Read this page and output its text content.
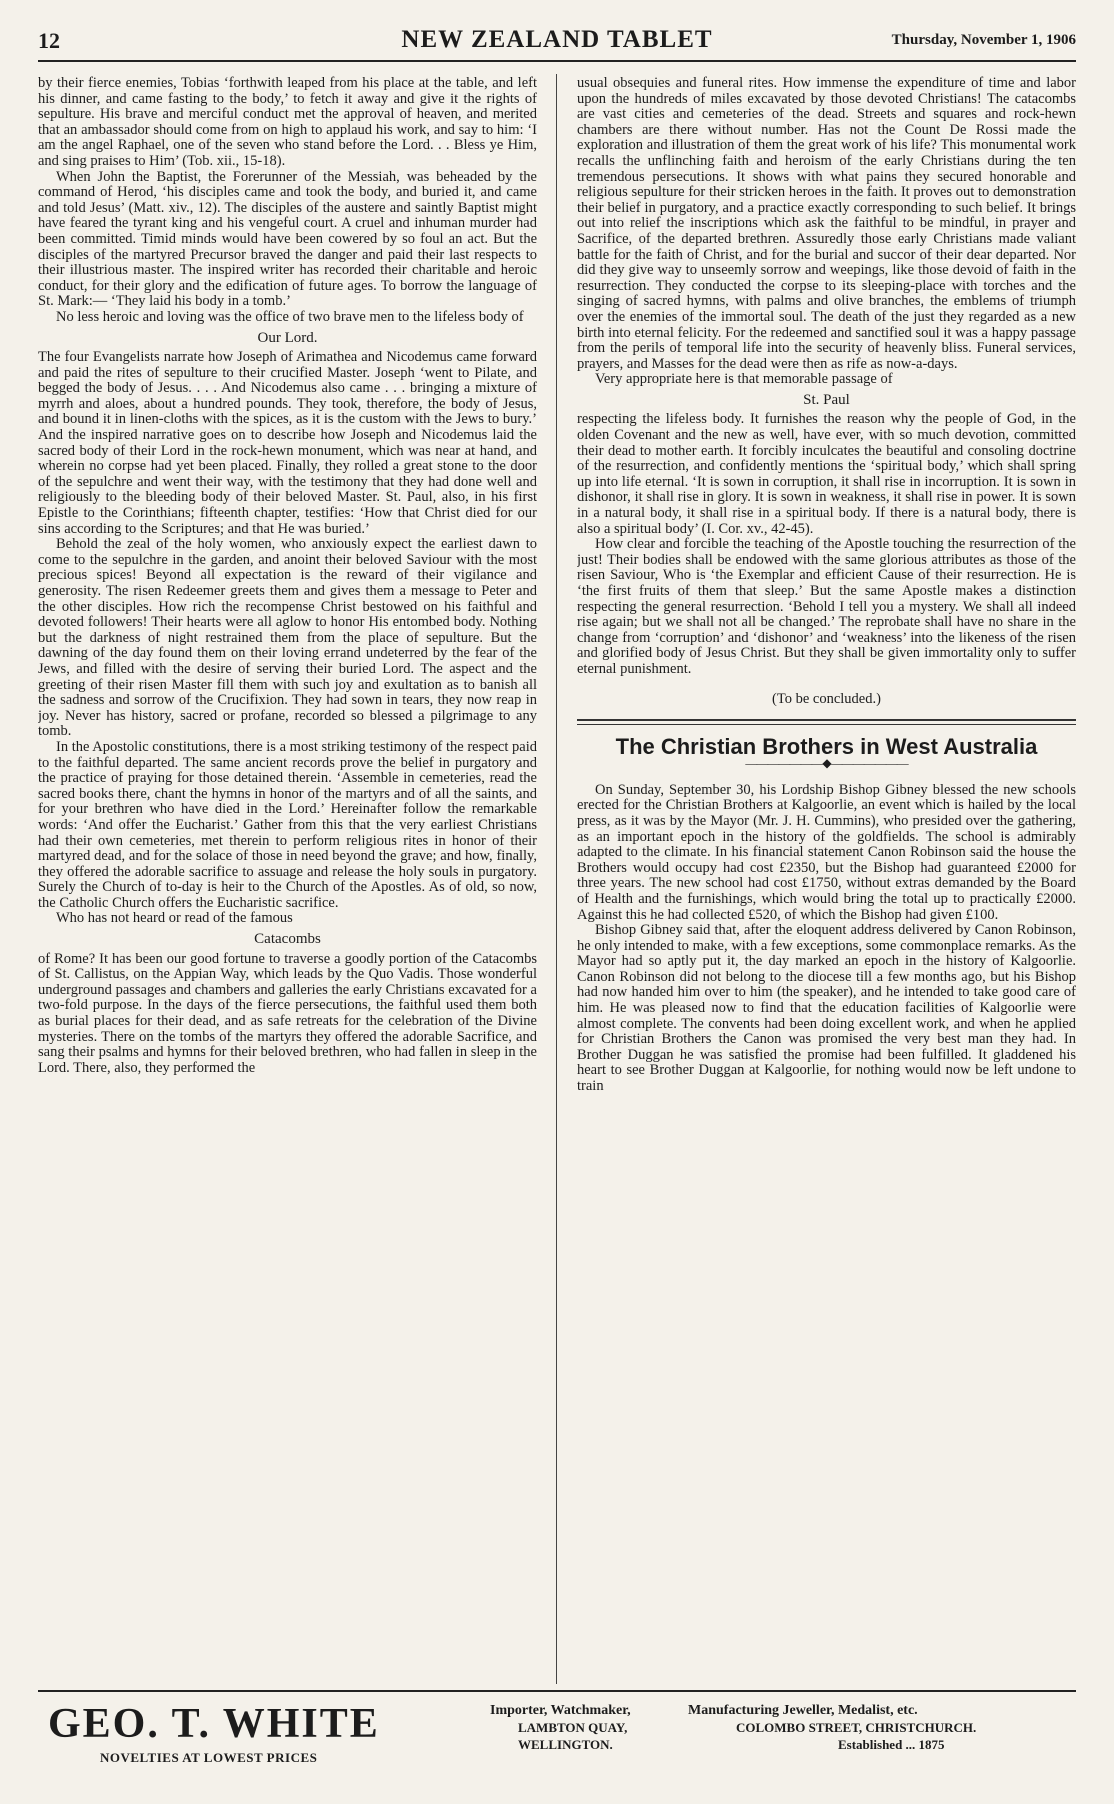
12	NEW ZEALAND TABLET	Thursday, November 1, 1906

by their fierce enemies, Tobias ‘forthwith leaped from his place at the table, and left his dinner, and came fasting to the body,’ to fetch it away and give it the rights of sepulture. His brave and merciful conduct met the approval of heaven, and merited that an ambassador should come from on high to applaud his work, and say to him: ‘I am the angel Raphael, one of the seven who stand before the Lord. . . Bless ye Him, and sing praises to Him’ (Tob. xii., 15-18).

When John the Baptist, the Forerunner of the Messiah, was beheaded by the command of Herod, ‘his disciples came and took the body, and buried it, and came and told Jesus’ (Matt. xiv., 12). The disciples of the austere and saintly Baptist might have feared the tyrant king and his vengeful court. A cruel and inhuman murder had been committed. Timid minds would have been cowered by so foul an act. But the disciples of the martyred Precursor braved the danger and paid their last respects to their illustrious master. The inspired writer has recorded their charitable and heroic conduct, for their glory and the edification of future ages. To borrow the language of St. Mark:— ‘They laid his body in a tomb.’

No less heroic and loving was the office of two brave men to the lifeless body of

Our Lord.

The four Evangelists narrate how Joseph of Arimathea and Nicodemus came forward and paid the rites of sepulture to their crucified Master. Joseph ‘went to Pilate, and begged the body of Jesus. . . . And Nicodemus also came . . . bringing a mixture of myrrh and aloes, about a hundred pounds. They took, therefore, the body of Jesus, and bound it in linen-cloths with the spices, as it is the custom with the Jews to bury.’ And the inspired narrative goes on to describe how Joseph and Nicodemus laid the sacred body of their Lord in the rock-hewn monument, which was near at hand, and wherein no corpse had yet been placed. Finally, they rolled a great stone to the door of the sepulchre and went their way, with the testimony that they had done well and religiously to the bleeding body of their beloved Master. St. Paul, also, in his first Epistle to the Corinthians; fifteenth chapter, testifies: ‘How that Christ died for our sins according to the Scriptures; and that He was buried.’

Behold the zeal of the holy women, who anxiously expect the earliest dawn to come to the sepulchre in the garden, and anoint their beloved Saviour with the most precious spices! Beyond all expectation is the reward of their vigilance and generosity. The risen Redeemer greets them and gives them a message to Peter and the other disciples. How rich the recompense Christ bestowed on his faithful and devoted followers! Their hearts were all aglow to honor His entombed body. Nothing but the darkness of night restrained them from the place of sepulture. But the dawning of the day found them on their loving errand undeterred by the fear of the Jews, and filled with the desire of serving their buried Lord. The aspect and the greeting of their risen Master fill them with such joy and exultation as to banish all the sadness and sorrow of the Crucifixion. They had sown in tears, they now reap in joy. Never has history, sacred or profane, recorded so blessed a pilgrimage to any tomb.

In the Apostolic constitutions, there is a most striking testimony of the respect paid to the faithful departed. The same ancient records prove the belief in purgatory and the practice of praying for those detained therein. ‘Assemble in cemeteries, read the sacred books there, chant the hymns in honor of the martyrs and of all the saints, and for your brethren who have died in the Lord.’ Hereinafter follow the remarkable words: ‘And offer the Eucharist.’ Gather from this that the very earliest Christians had their own cemeteries, met therein to perform religious rites in honor of their martyred dead, and for the solace of those in need beyond the grave; and how, finally, they offered the adorable sacrifice to assuage and release the holy souls in purgatory. Surely the Church of to-day is heir to the Church of the Apostles. As of old, so now, the Catholic Church offers the Eucharistic sacrifice.

Who has not heard or read of the famous

Catacombs

of Rome? It has been our good fortune to traverse a goodly portion of the Catacombs of St. Callistus, on the Appian Way, which leads by the Quo Vadis. Those wonderful underground passages and chambers and galleries the early Christians excavated for a two-fold purpose. In the days of the fierce persecutions, the faithful used them both as burial places for their dead, and as safe retreats for the celebration of the Divine mysteries. There on the tombs of the martyrs they offered the adorable Sacrifice, and sang their psalms and hymns for their beloved brethren, who had fallen in sleep in the Lord. There, also, they performed the

usual obsequies and funeral rites. How immense the expenditure of time and labor upon the hundreds of miles excavated by those devoted Christians! The catacombs are vast cities and cemeteries of the dead. Streets and squares and rock-hewn chambers are there without number. Has not the Count De Rossi made the exploration and illustration of them the great work of his life? This monumental work recalls the unflinching faith and heroism of the early Christians during the ten tremendous persecutions. It shows with what pains they secured honorable and religious sepulture for their stricken heroes in the faith. It proves out to demonstration their belief in purgatory, and a practice exactly corresponding to such belief. It brings out into relief the inscriptions which ask the faithful to be mindful, in prayer and Sacrifice, of the departed brethren. Assuredly those early Christians made valiant battle for the faith of Christ, and for the burial and succor of their dear departed. Nor did they give way to unseemly sorrow and weepings, like those devoid of faith in the resurrection. They conducted the corpse to its sleeping-place with torches and the singing of sacred hymns, with palms and olive branches, the emblems of triumph over the enemies of the immortal soul. The death of the just they regarded as a new birth into eternal felicity. For the redeemed and sanctified soul it was a happy passage from the perils of temporal life into the security of heavenly bliss. Funeral services, prayers, and Masses for the dead were then as rife as now-a-days.

Very appropriate here is that memorable passage of

St. Paul

respecting the lifeless body. It furnishes the reason why the people of God, in the olden Covenant and the new as well, have ever, with so much devotion, committed their dead to mother earth. It forcibly inculcates the beautiful and consoling doctrine of the resurrection, and confidently mentions the ‘spiritual body,’ which shall spring up into life eternal. ‘It is sown in corruption, it shall rise in incorruption. It is sown in dishonor, it shall rise in glory. It is sown in weakness, it shall rise in power. It is sown in a natural body, it shall rise in a spiritual body. If there is a natural body, there is also a spiritual body’ (I. Cor. xv., 42-45).

How clear and forcible the teaching of the Apostle touching the resurrection of the just! Their bodies shall be endowed with the same glorious attributes as those of the risen Saviour, Who is ‘the Exemplar and efficient Cause of their resurrection. He is ‘the first fruits of them that sleep.’ But the same Apostle makes a distinction respecting the general resurrection. ‘Behold I tell you a mystery. We shall all indeed rise again; but we shall not all be changed.’ The reprobate shall have no share in the change from ‘corruption’ and ‘dishonor’ and ‘weakness’ into the likeness of the risen and glorified body of Jesus Christ. But they shall be given immortality only to suffer eternal punishment.

(To be concluded.)
The Christian Brothers in West Australia
———————◆———————

On Sunday, September 30, his Lordship Bishop Gibney blessed the new schools erected for the Christian Brothers at Kalgoorlie, an event which is hailed by the local press, as it was by the Mayor (Mr. J. H. Cummins), who presided over the gathering, as an important epoch in the history of the goldfields. The school is admirably adapted to the climate. In his financial statement Canon Robinson said the house the Brothers would occupy had cost £2350, but the Bishop had guaranteed £2000 for three years. The new school had cost £1750, without extras demanded by the Board of Health and the furnishings, which would bring the total up to practically £2000. Against this he had collected £520, of which the Bishop had given £100.

Bishop Gibney said that, after the eloquent address delivered by Canon Robinson, he only intended to make, with a few exceptions, some commonplace remarks. As the Mayor had so aptly put it, the day marked an epoch in the history of Kalgoorlie. Canon Robinson did not belong to the diocese till a few months ago, but his Bishop had now handed him over to him (the speaker), and he intended to take good care of him. He was pleased now to find that the education facilities of Kalgoorlie were almost complete. The convents had been doing excellent work, and when he applied for Christian Brothers the Canon was promised the very best man they had. In Brother Duggan he was satisfied the promise had been fulfilled. It gladdened his heart to see Brother Duggan at Kalgoorlie, for nothing would now be left undone to train

GEO. T. WHITE
NOVELTIES AT LOWEST PRICES
Importer, Watchmaker,
LAMBTON QUAY,
WELLINGTON.
Manufacturing Jeweller, Medalist, etc.
COLOMBO STREET, CHRISTCHURCH.
Established ... 1875
